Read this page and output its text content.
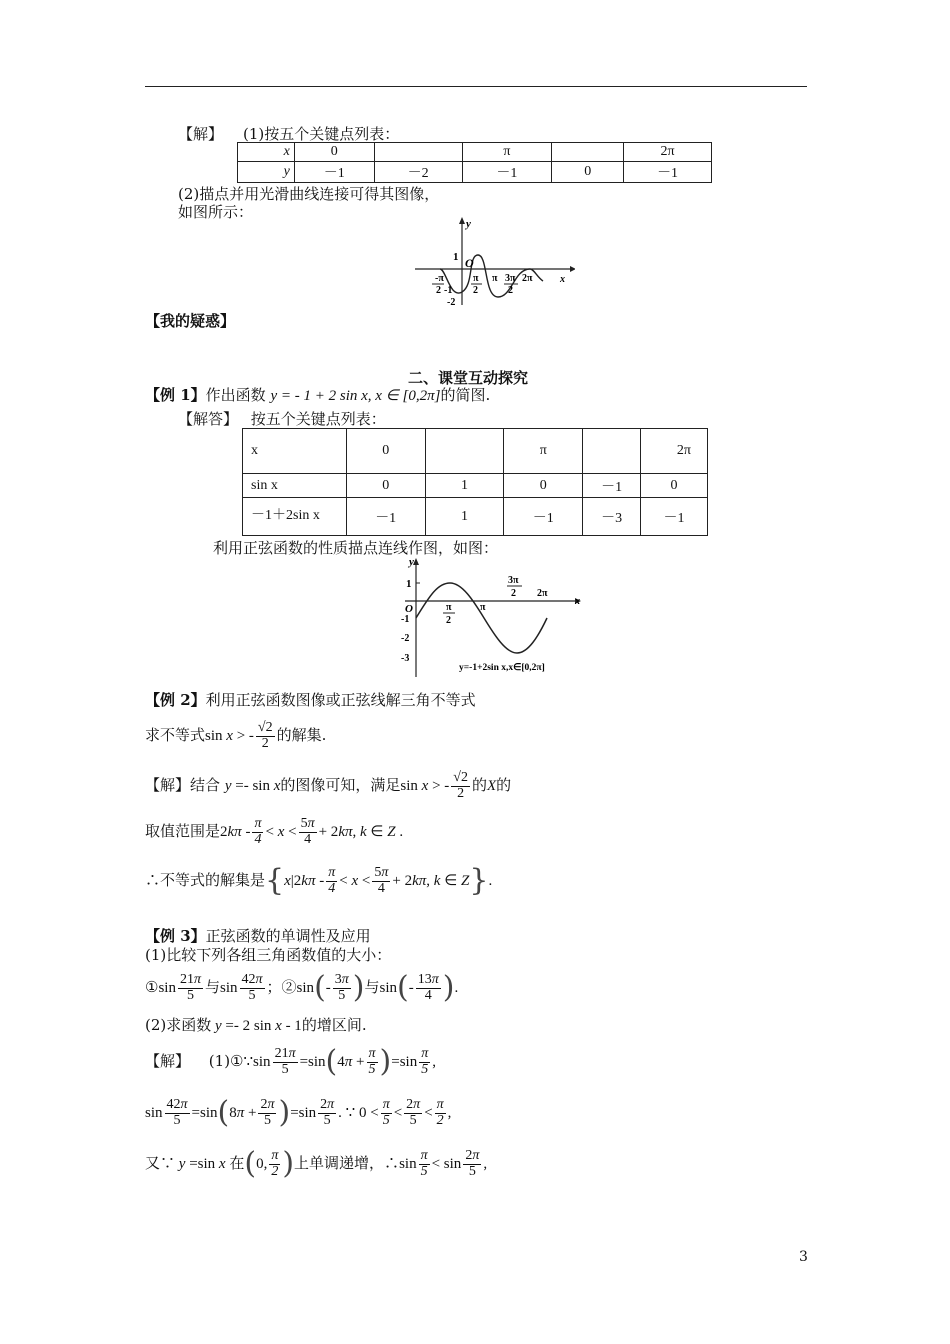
【解】 (1)按五个关键点列表：
x	0		π		2π
y	－1	－2	－1	0	－1
(2)描点并用光滑曲线连接可得其图像，
如图所示：
y
1 O
-π
2 -1
-2
π
2
π 3π
2
2π	x
【我的疑惑】
二、课堂互动探究
【例 1】作出函数 y = - 1 + 2 sin x, x ∈ [0,2π]的简图.
【解答】 按五个关键点列表：
x	0		π		2π
sin x	0	1	0	－1	0
－1＋2sin x	－1	1	－1	－3	－1
利用正弦函数的性质描点连线作图，如图：
y
1
O
-1
-2
-3
π
2
π
3π
2 2π
x
y=-1+2sin x,x∈[0,2π]
【例 2】利用正弦函数图像或正弦线解三角不等式
求不等式sin x > - $\frac{√2}{2}$ 的解集.
【解】结合 y =- sin x的图像可知，满足sin x > - $\frac{√2}{2}$ 的X的
取值范围是$2k\pi - \frac{\pi}{4} < x < \frac{5\pi}{4} + 2k\pi$, k ∈ Z .
∴不等式的解集是{$x|2k\pi - \frac{\pi}{4} < x < \frac{5\pi}{4} + 2k\pi$, k ∈ Z}.
【例 3】正弦函数的单调性及应用
(1)比较下列各组三角函数值的大小：
①sin $\frac{21\pi}{5}$ 与$\sin \frac{42\pi}{5}$ ；②sin(- $\frac{3\pi}{5}$ )与$\sin(- \frac{13\pi}{4}$ ).
(2)求函数 y =- 2 sin x - 1的增区间.
【解】 (1)①∵sin $\frac{21\pi}{5} =\sin(4\pi + \frac{\pi}{5} )=\sin \frac{\pi}{5}$ ,
$\sin \frac{42\pi}{5} =\sin(8\pi + \frac{2\pi}{5} )=\sin \frac{2\pi}{5}$ . ∵ $0 < \frac{\pi}{5} < \frac{2\pi}{5} < \frac{\pi}{2}$ ,
又∵ y =sin x 在(0, $\frac{\pi}{2}$ )上单调递增，∴sin $\frac{\pi}{5} < \sin \frac{2\pi}{5}$ ,
3
